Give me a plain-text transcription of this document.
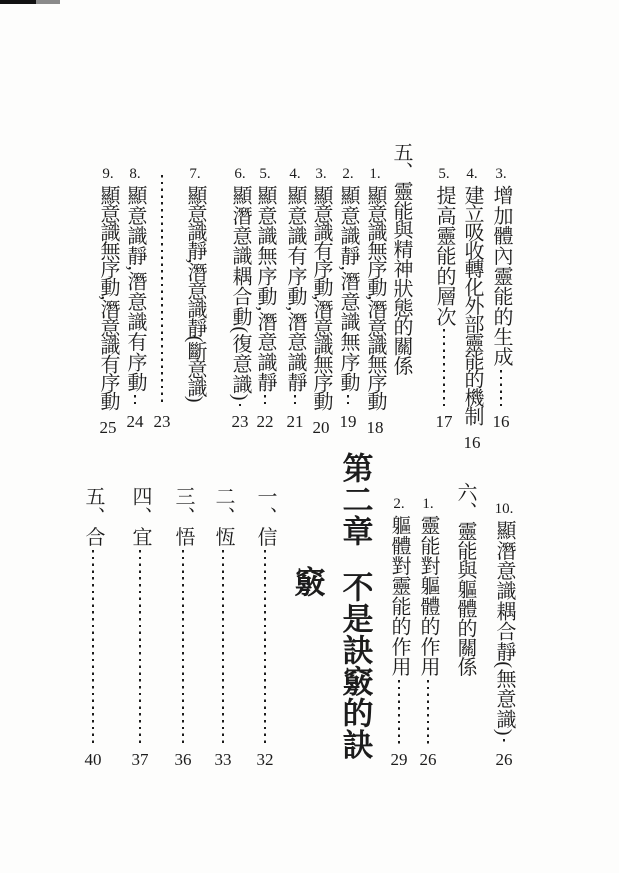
3.
增加體內靈能的生成
16
4.
建立吸收轉化外部靈能的機制
16
5.
提高靈能的層次
17
五、靈能與精神狀態的關係
1.
顯意識無序動,潛意識無序動
18
2.
顯意識靜,潛意識無序動
19
3.
顯意識有序動,潛意識無序動
20
4.
顯意識有序動,潛意識靜
21
5.
顯意識無序動,潛意識靜
22
6.
顯潛意識耦合動(復意識)
23
7.
顯意識靜,潛意識靜(斷意識)
23
8.
顯意識靜,潛意識有序動
24
9.
顯意識無序動,潛意識有序動
25
10.
顯潛意識耦合靜(無意識)
26
六、靈能與軀體的關係
1.
靈能對軀體的作用
26
2.
軀體對靈能的作用
29
第二章
不是訣竅的訣
竅
一、信
32
二、恆
33
三、悟
36
四、宜
37
五、合
40
